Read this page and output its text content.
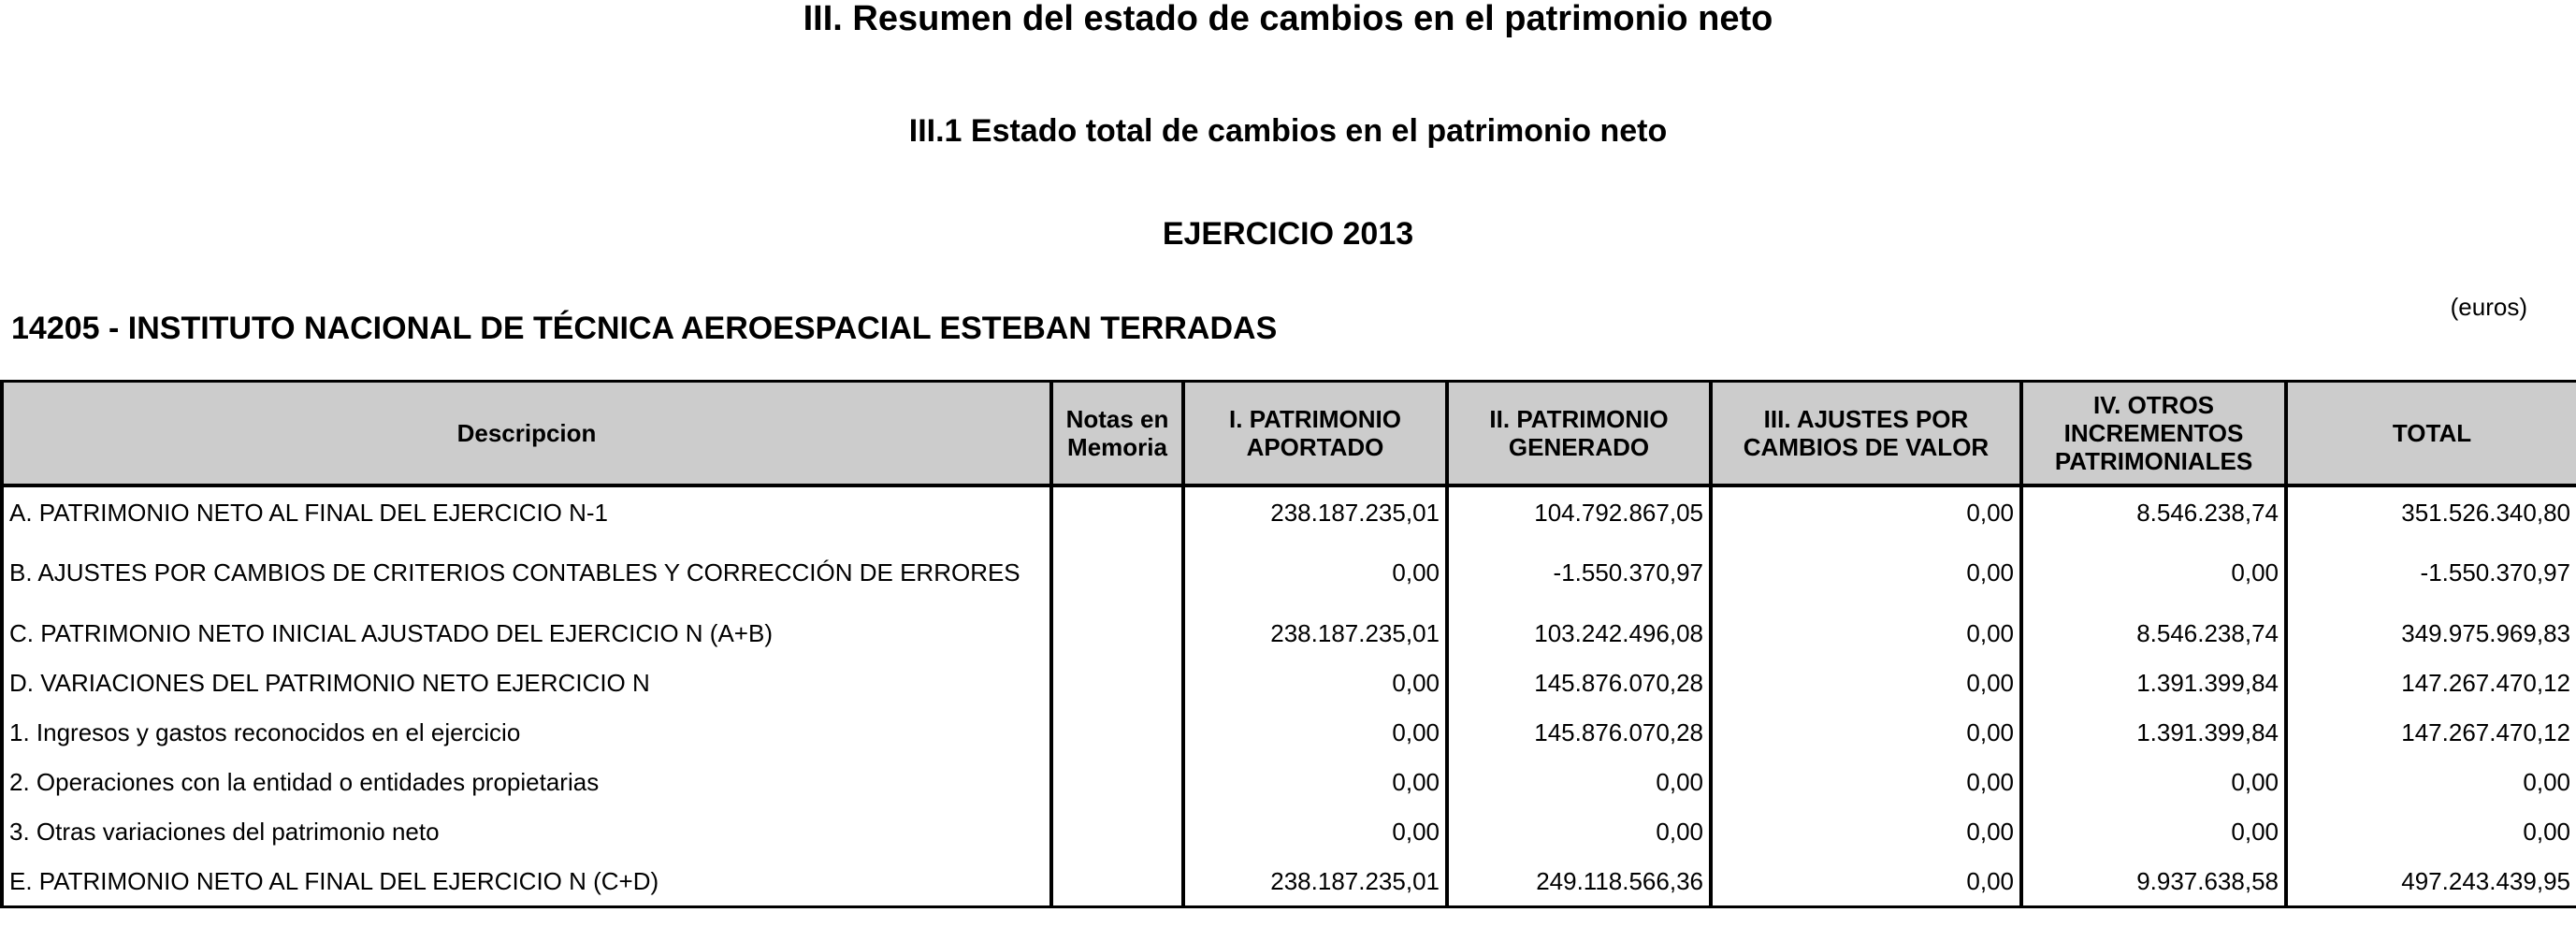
III. Resumen del estado de cambios en el patrimonio neto
III.1 Estado total de cambios en el patrimonio neto
EJERCICIO 2013
14205 - INSTITUTO NACIONAL DE TÉCNICA AEROESPACIAL ESTEBAN TERRADAS
(euros)
Descripcion	Notas en Memoria	I. PATRIMONIO APORTADO	II. PATRIMONIO GENERADO	III. AJUSTES POR CAMBIOS DE VALOR	IV. OTROS INCREMENTOS PATRIMONIALES	TOTAL
A. PATRIMONIO NETO AL FINAL DEL EJERCICIO N-1		238.187.235,01	104.792.867,05	0,00	8.546.238,74	351.526.340,80
B. AJUSTES POR CAMBIOS DE CRITERIOS CONTABLES Y CORRECCIÓN DE ERRORES		0,00	-1.550.370,97	0,00	0,00	-1.550.370,97
C. PATRIMONIO NETO INICIAL AJUSTADO DEL EJERCICIO N (A+B)		238.187.235,01	103.242.496,08	0,00	8.546.238,74	349.975.969,83
D. VARIACIONES DEL PATRIMONIO NETO EJERCICIO N		0,00	145.876.070,28	0,00	1.391.399,84	147.267.470,12
1. Ingresos y gastos reconocidos en el ejercicio		0,00	145.876.070,28	0,00	1.391.399,84	147.267.470,12
2. Operaciones con la entidad o entidades propietarias		0,00	0,00	0,00	0,00	0,00
3. Otras variaciones del patrimonio neto		0,00	0,00	0,00	0,00	0,00
E. PATRIMONIO NETO AL FINAL DEL EJERCICIO N (C+D)		238.187.235,01	249.118.566,36	0,00	9.937.638,58	497.243.439,95
